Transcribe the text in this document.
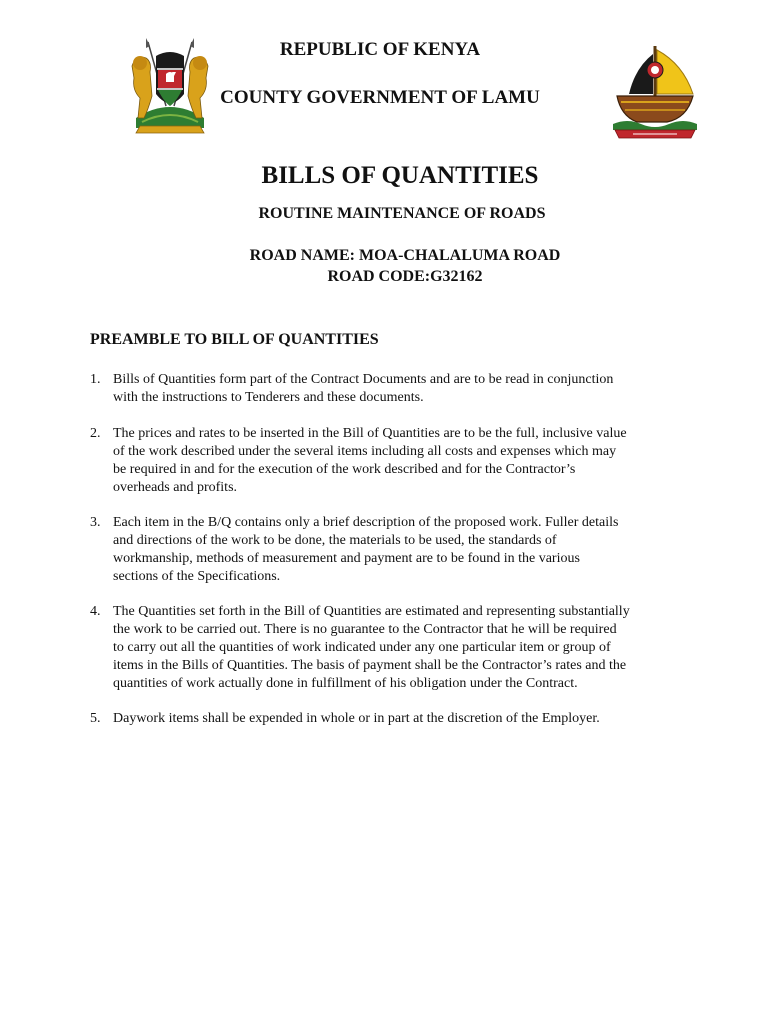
REPUBLIC OF KENYA
COUNTY GOVERNMENT OF LAMU
BILLS OF QUANTITIES
ROUTINE MAINTENANCE OF ROADS
ROAD NAME: MOA-CHALALUMA ROAD
ROAD CODE:G32162
PREAMBLE TO BILL OF QUANTITIES
1. Bills of Quantities form part of the Contract Documents and are to be read in conjunction
with the instructions to Tenderers and these documents.
2. The prices and rates to be inserted in the Bill of Quantities are to be the full, inclusive value
of the work described under the several items including all costs and expenses which may
be required in and for the execution of the work described and for the Contractor’s
overheads and profits.
3. Each item in the B/Q contains only a brief description of the proposed work. Fuller details
and directions of the work to be done, the materials to be used, the standards of
workmanship, methods of measurement and payment are to be found in the various
sections of the Specifications.
4. The Quantities set forth in the Bill of Quantities are estimated and representing substantially
the work to be carried out. There is no guarantee to the Contractor that he will be required
to carry out all the quantities of work indicated under any one particular item or group of
items in the Bills of Quantities. The basis of payment shall be the Contractor’s rates and the
quantities of work actually done in fulfillment of his obligation under the Contract.
5. Daywork items shall be expended in whole or in part at the discretion of the Employer.
